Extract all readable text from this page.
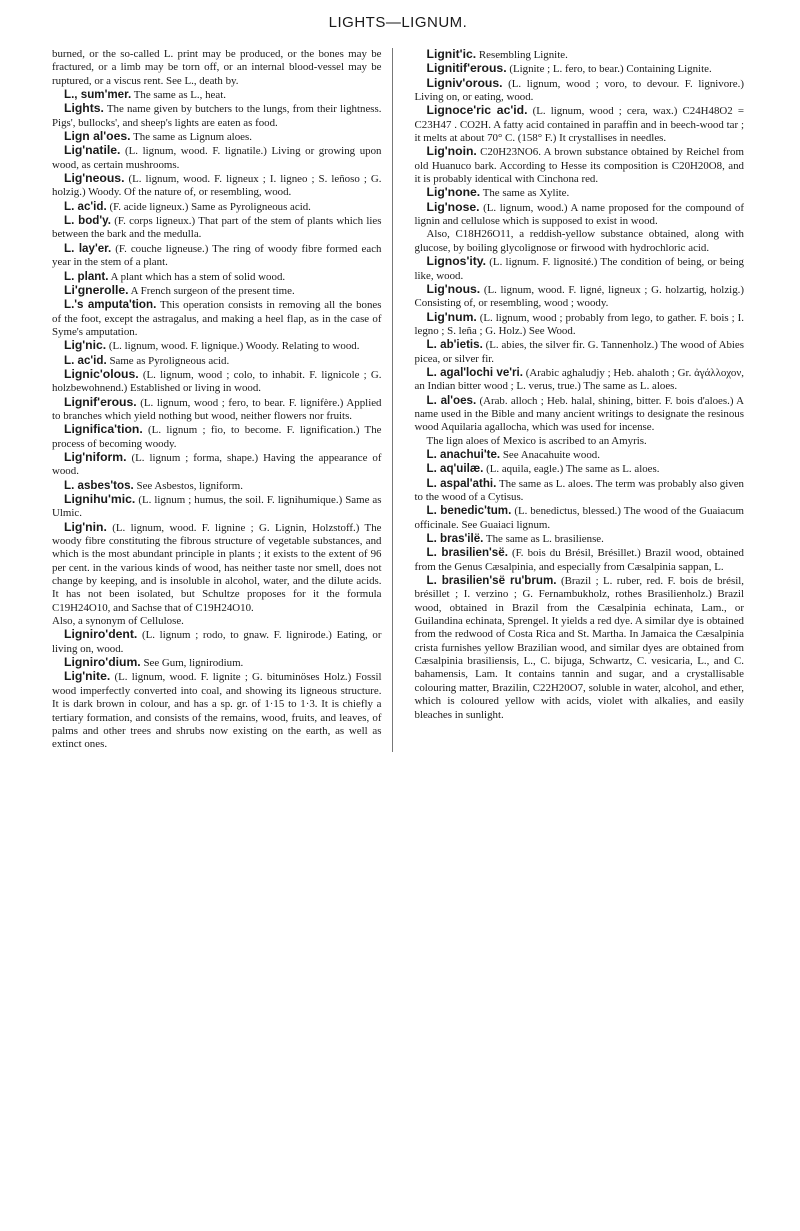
LIGHTS—LIGNUM.

burned, or the so-called L. print may be produced, or the bones may be fractured, or a limb may be torn off, or an internal blood-vessel may be ruptured, or a viscus rent. See L., death by.

L., sum'mer. The same as L., heat.

Lights. The name given by butchers to the lungs, from their lightness. Pigs', bullocks', and sheep's lights are eaten as food.

Lign al'oes. The same as Lignum aloes.

Lig'natile. (L. lignum, wood. F. lignatile.) Living or growing upon wood, as certain mushrooms.

Lig'neous. (L. lignum, wood. F. ligneux ; I. ligneo ; S. leñoso ; G. holzig.) Woody. Of the nature of, or resembling, wood.

L. ac'id. (F. acide ligneux.) Same as Pyroligneous acid.

L. bod'y. (F. corps ligneux.) That part of the stem of plants which lies between the bark and the medulla.

L. lay'er. (F. couche ligneuse.) The ring of woody fibre formed each year in the stem of a plant.

L. plant. A plant which has a stem of solid wood.

Li'gnerolle. A French surgeon of the present time.

L.'s amputa'tion. This operation consists in removing all the bones of the foot, except the astragalus, and making a heel flap, as in the case of Syme's amputation.

Lig'nic. (L. lignum, wood. F. lignique.) Woody. Relating to wood.

L. ac'id. Same as Pyroligneous acid.

Lignic'olous. (L. lignum, wood ; colo, to inhabit. F. lignicole ; G. holzbewohnend.) Established or living in wood.

Lignif'erous. (L. lignum, wood ; fero, to bear. F. lignifère.) Applied to branches which yield nothing but wood, neither flowers nor fruits.

Lignifica'tion. (L. lignum ; fio, to become. F. lignification.) The process of becoming woody.

Lig'niform. (L. lignum ; forma, shape.) Having the appearance of wood.

L. asbes'tos. See Asbestos, ligniform.

Lignihu'mic. (L. lignum ; humus, the soil. F. lignihumique.) Same as Ulmic.

Lig'nin. (L. lignum, wood. F. lignine ; G. Lignin, Holzstoff.) The woody fibre constituting the fibrous structure of vegetable substances, and which is the most abundant principle in plants ; it exists to the extent of 96 per cent. in the various kinds of wood, has neither taste nor smell, does not change by keeping, and is insoluble in alcohol, water, and the dilute acids. It has not been isolated, but Schultze proposes for it the formula C19H24O10, and Sachse that of C19H24O10.

Also, a synonym of Cellulose.

Ligniro'dent. (L. lignum ; rodo, to gnaw. F. lignirode.) Eating, or living on, wood.

Ligniro'dium. See Gum, lignirodium.

Lig'nite. (L. lignum, wood. F. lignite ; G. bituminöses Holz.) Fossil wood imperfectly converted into coal, and showing its ligneous structure. It is dark brown in colour, and has a sp. gr. of 1·15 to 1·3. It is chiefly a tertiary formation, and consists of the remains, wood, fruits, and leaves, of palms and other trees and shrubs now existing on the earth, as well as extinct ones.

Lignit'ic. Resembling Lignite.

Lignitif'erous. (Lignite ; L. fero, to bear.) Containing Lignite.

Ligniv'orous. (L. lignum, wood ; voro, to devour. F. lignivore.) Living on, or eating, wood.

Lignoce'ric ac'id. (L. lignum, wood ; cera, wax.) C24H48O2 = C23H47 . CO2H. A fatty acid contained in paraffin and in beech-wood tar ; it melts at about 70° C. (158° F.) It crystallises in needles.

Lig'noin. C20H23NO6. A brown substance obtained by Reichel from old Huanuco bark. According to Hesse its composition is C20H20O8, and it is probably identical with Cinchona red.

Lig'none. The same as Xylite.

Lig'nose. (L. lignum, wood.) A name proposed for the compound of lignin and cellulose which is supposed to exist in wood.

Also, C18H26O11, a reddish-yellow substance obtained, along with glucose, by boiling glycolignose or firwood with hydrochloric acid.

Lignos'ity. (L. lignum. F. lignosité.) The condition of being, or being like, wood.

Lig'nous. (L. lignum, wood. F. ligné, ligneux ; G. holzartig, holzig.) Consisting of, or resembling, wood ; woody.

Lig'num. (L. lignum, wood ; probably from lego, to gather. F. bois ; I. legno ; S. leña ; G. Holz.) See Wood.

L. ab'ietis. (L. abies, the silver fir. G. Tannenholz.) The wood of Abies picea, or silver fir.

L. agal'lochi ve'ri. (Arabic aghaludjy ; Heb. ahaloth ; Gr. ἀγάλλοχον, an Indian bitter wood ; L. verus, true.) The same as L. aloes.

L. al'oes. (Arab. alloch ; Heb. halal, shining, bitter. F. bois d'aloes.) A name used in the Bible and many ancient writings to designate the resinous wood Aquilaria agallocha, which was used for incense.

The lign aloes of Mexico is ascribed to an Amyris.

L. anachui'te. See Anacahuite wood.

L. aq'uilæ. (L. aquila, eagle.) The same as L. aloes.

L. aspal'athi. The same as L. aloes. The term was probably also given to the wood of a Cytisus.

L. benedic'tum. (L. benedictus, blessed.) The wood of the Guaiacum officinale. See Guaiaci lignum.

L. bras'ilë. The same as L. brasiliense.

L. brasilien'së. (F. bois du Brésil, Brésillet.) Brazil wood, obtained from the Genus Cæsalpinia, and especially from Cæsalpinia sappan, L.

L. brasilien'së ru'brum. (Brazil ; L. ruber, red. F. bois de brésil, brésillet ; I. verzino ; G. Fernambukholz, rothes Brasilienholz.) Brazil wood, obtained in Brazil from the Cæsalpinia echinata, Lam., or Guilandina echinata, Sprengel. It yields a red dye. A similar dye is obtained from the redwood of Costa Rica and St. Martha. In Jamaica the Cæsalpinia crista furnishes yellow Brazilian wood, and similar dyes are obtained from Cæsalpinia brasiliensis, L., C. bijuga, Schwartz, C. vesicaria, L., and C. bahamensis, Lam. It contains tannin and sugar, and a crystallisable colouring matter, Brazilin, C22H20O7, soluble in water, alcohol, and ether, which is coloured yellow with acids, violet with alkalies, and easily bleaches in sunlight.
